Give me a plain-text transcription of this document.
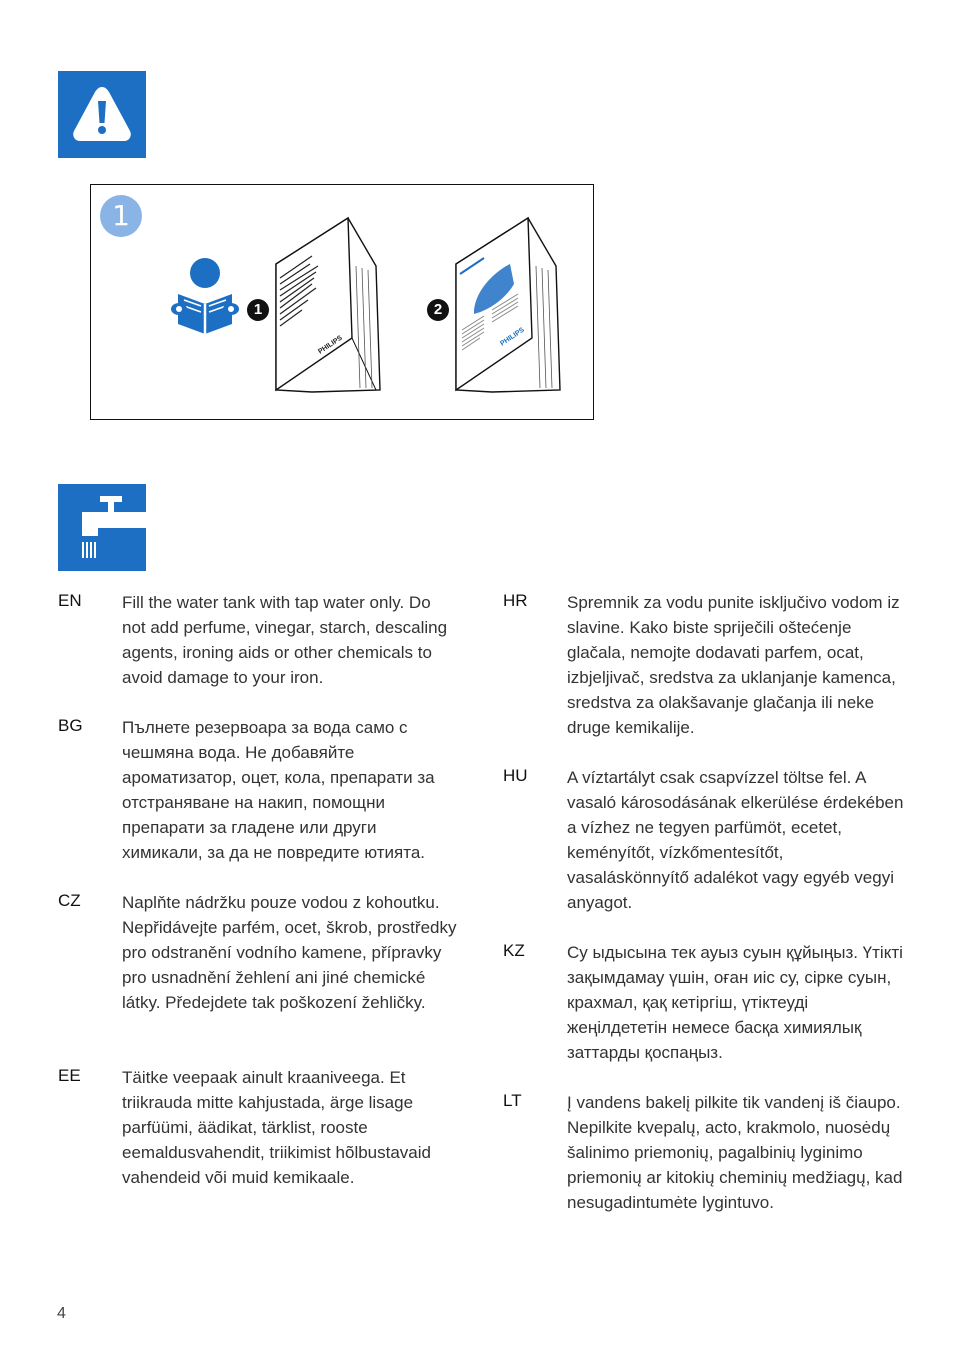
1
1
PHILIPS
2
PHILIPS
EN Fill the water tank with tap water only. Do not add perfume, vinegar, starch, descaling agents, ironing aids or other chemicals to avoid damage to your iron.
BG Пълнете резервоара за вода само с чешмяна вода. Не добавяйте ароматизатор, оцет, кола, препарати за отстраняване на накип, помощни препарати за гладене или други химикали, за да не повредите ютията.
CZ Naplňte nádržku pouze vodou z kohoutku. Nepřidávejte parfém, ocet, škrob, prostředky pro odstranění vodního kamene, přípravky pro usnadnění žehlení ani jiné chemické látky. Předejdete tak poškození žehličky.
EE Täitke veepaak ainult kraaniveega. Et triikrauda mitte kahjustada, ärge lisage parfüümi, äädikat, tärklist, rooste eemaldusvahendit, triikimist hõlbustavaid vahendeid või muid kemikaale.
HR Spremnik za vodu punite isključivo vodom iz slavine. Kako biste spriječili oštećenje glačala, nemojte dodavati parfem, ocat, izbjeljivač, sredstva za uklanjanje kamenca, sredstva za olakšavanje glačanja ili neke druge kemikalije.
HU A víztartályt csak csapvízzel töltse fel. A vasaló károsodásának elkerülése érdekében a vízhez ne tegyen parfümöt, ecetet, keményítőt, vízkőmentesítőt, vasaláskönnyítő adalékot vagy egyéb vegyi anyagot.
KZ Су ыдысына тек ауыз суын құйыңыз. Үтікті зақымдамау үшін, оған иіс су, сірке суын, крахмал, қақ кетіргіш, үтіктеуді жеңілдететін немесе басқа химиялық заттарды қоспаңыз.
LT	Į vandens bakelį pilkite tik vandenį iš čiaupo. Nepilkite kvepalų, acto, krakmolo, nuosėdų šalinimo priemonių, pagalbinių lyginimo priemonių ar kitokių cheminių medžiagų, kad nesugadintumėte lygintuvo.
4
